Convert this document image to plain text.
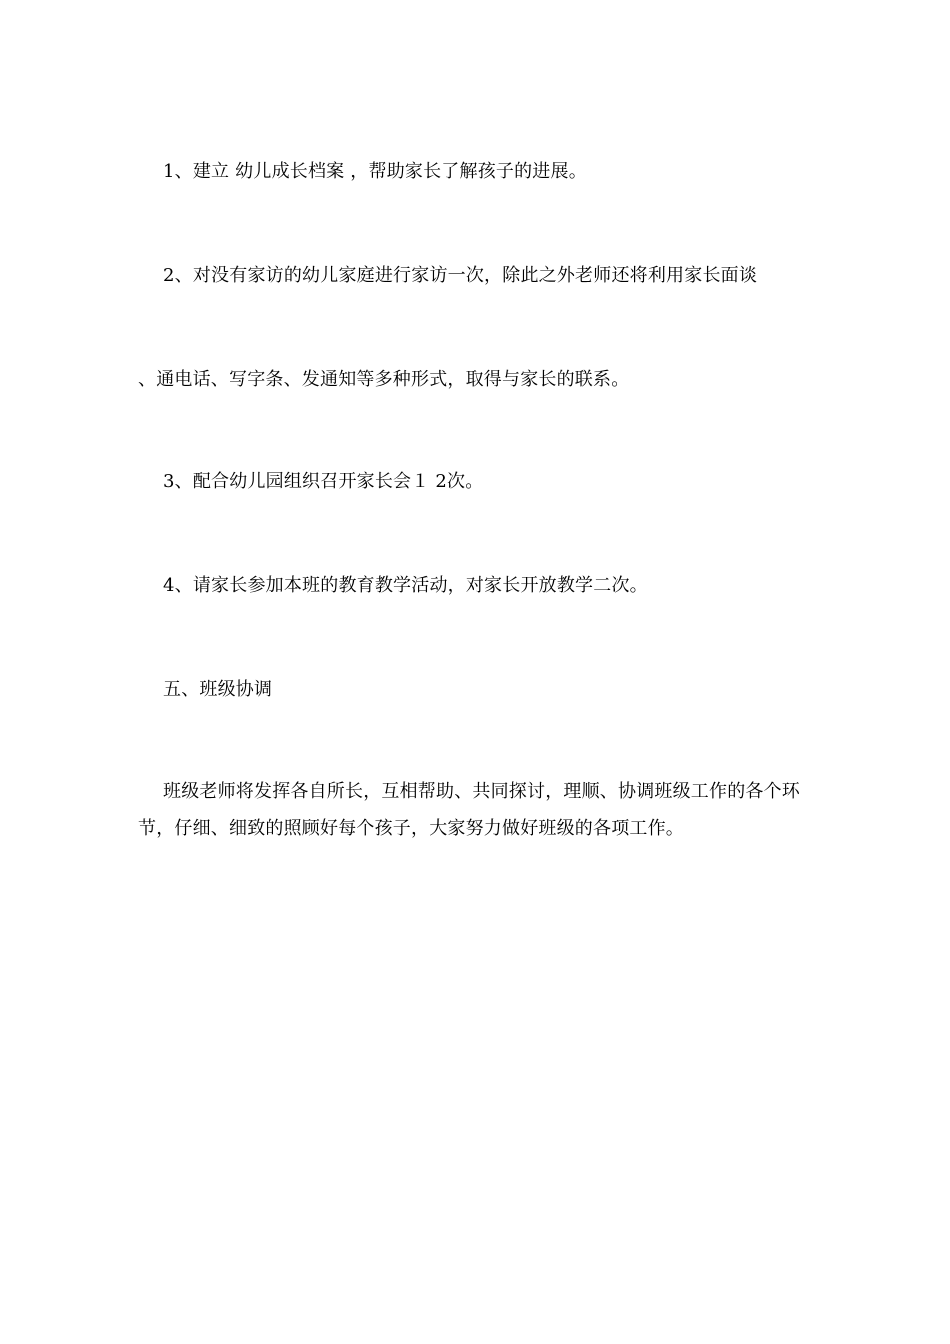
1、建立 幼儿成长档案 ，帮助家长了解孩子的进展。
2、对没有家访的幼儿家庭进行家访一次，除此之外老师还将利用家长面谈
、通电话、写字条、发通知等多种形式，取得与家长的联系。
3、配合幼儿园组织召开家长会１ 2次。
4、请家长参加本班的教育教学活动，对家长开放教学二次。
五、班级协调
班级老师将发挥各自所长，互相帮助、共同探讨，理顺、协调班级工作的各个环节，仔细、细致的照顾好每个孩子，大家努力做好班级的各项工作。
